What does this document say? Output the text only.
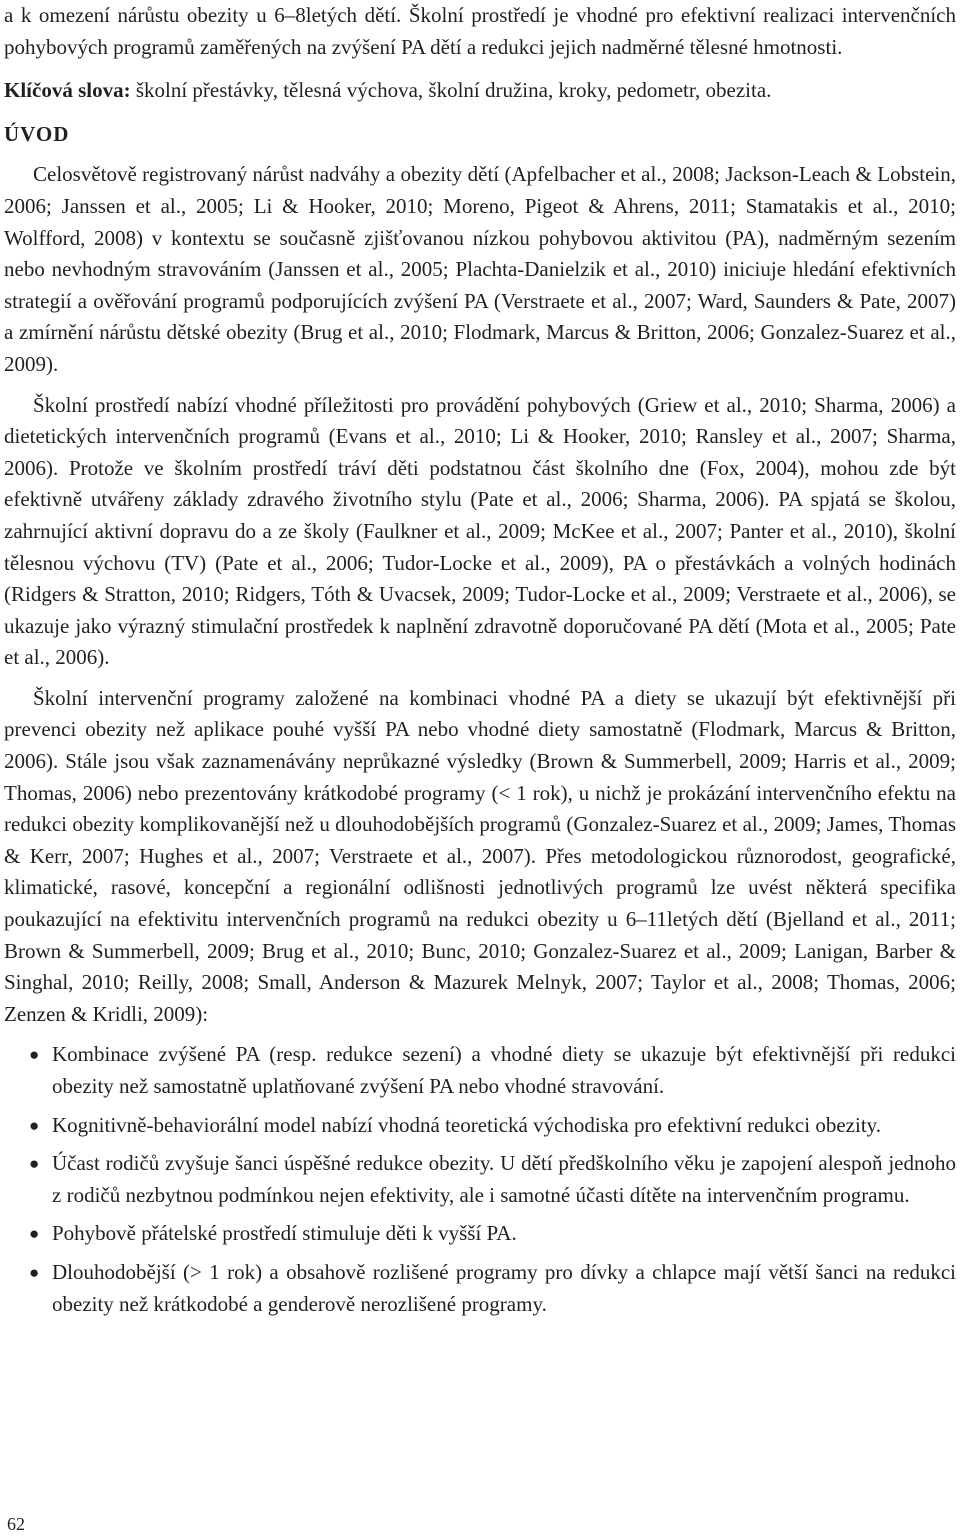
a k omezení nárůstu obezity u 6–8letých dětí. Školní prostředí je vhodné pro efektivní realizaci intervenčních pohybových programů zaměřených na zvýšení PA dětí a redukci jejich nadměrné tělesné hmotnosti.

Klíčová slova: školní přestávky, tělesná výchova, školní družina, kroky, pedometr, obezita.

ÚVOD

Celosvětově registrovaný nárůst nadváhy a obezity dětí (Apfelbacher et al., 2008; Jackson-Leach & Lobstein, 2006; Janssen et al., 2005; Li & Hooker, 2010; Moreno, Pigeot & Ahrens, 2011; Stamatakis et al., 2010; Wolfford, 2008) v kontextu se současně zjišťovanou nízkou pohybovou aktivitou (PA), nadměrným sezením nebo nevhodným stravováním (Janssen et al., 2005; Plachta-Danielzik et al., 2010) iniciuje hledání efektivních strategií a ověřování programů podporujících zvýšení PA (Verstraete et al., 2007; Ward, Saunders & Pate, 2007) a zmírnění nárůstu dětské obezity (Brug et al., 2010; Flodmark, Marcus & Britton, 2006; Gonzalez-Suarez et al., 2009).

Školní prostředí nabízí vhodné příležitosti pro provádění pohybových (Griew et al., 2010; Sharma, 2006) a dietetických intervenčních programů (Evans et al., 2010; Li & Hooker, 2010; Ransley et al., 2007; Sharma, 2006). Protože ve školním prostředí tráví děti podstatnou část školního dne (Fox, 2004), mohou zde být efektivně utvářeny základy zdravého životního stylu (Pate et al., 2006; Sharma, 2006). PA spjatá se školou, zahrnující aktivní dopravu do a ze školy (Faulkner et al., 2009; McKee et al., 2007; Panter et al., 2010), školní tělesnou výchovu (TV) (Pate et al., 2006; Tudor-Locke et al., 2009), PA o přestávkách a volných hodinách (Ridgers & Stratton, 2010; Ridgers, Tóth & Uvacsek, 2009; Tudor-Locke et al., 2009; Verstraete et al., 2006), se ukazuje jako výrazný stimulační prostředek k naplnění zdravotně doporučované PA dětí (Mota et al., 2005; Pate et al., 2006).

Školní intervenční programy založené na kombinaci vhodné PA a diety se ukazují být efektivnější při prevenci obezity než aplikace pouhé vyšší PA nebo vhodné diety samostatně (Flodmark, Marcus & Britton, 2006). Stále jsou však zaznamenávány neprůkazné výsledky (Brown & Summerbell, 2009; Harris et al., 2009; Thomas, 2006) nebo prezentovány krátkodobé programy (< 1 rok), u nichž je prokázání intervenčního efektu na redukci obezity komplikovanější než u dlouhodobějších programů (Gonzalez-Suarez et al., 2009; James, Thomas & Kerr, 2007; Hughes et al., 2007; Verstraete et al., 2007). Přes metodologickou různorodost, geografické, klimatické, rasové, koncepční a regionální odlišnosti jednotlivých programů lze uvést některá specifika poukazující na efektivitu intervenčních programů na redukci obezity u 6–11letých dětí (Bjelland et al., 2011; Brown & Summerbell, 2009; Brug et al., 2010; Bunc, 2010; Gonzalez-Suarez et al., 2009; Lanigan, Barber & Singhal, 2010; Reilly, 2008; Small, Anderson & Mazurek Melnyk, 2007; Taylor et al., 2008; Thomas, 2006; Zenzen & Kridli, 2009):

● Kombinace zvýšené PA (resp. redukce sezení) a vhodné diety se ukazuje být efektivnější při redukci obezity než samostatně uplatňované zvýšení PA nebo vhodné stravování.
● Kognitivně-behaviorální model nabízí vhodná teoretická východiska pro efektivní redukci obezity.
● Účast rodičů zvyšuje šanci úspěšné redukce obezity. U dětí předškolního věku je zapojení alespoň jednoho z rodičů nezbytnou podmínkou nejen efektivity, ale i samotné účasti dítěte na intervenčním programu.
● Pohybově přátelské prostředí stimuluje děti k vyšší PA.
● Dlouhodobější (> 1 rok) a obsahově rozlišené programy pro dívky a chlapce mají větší šanci na redukci obezity než krátkodobé a genderově nerozlišené programy.
62
